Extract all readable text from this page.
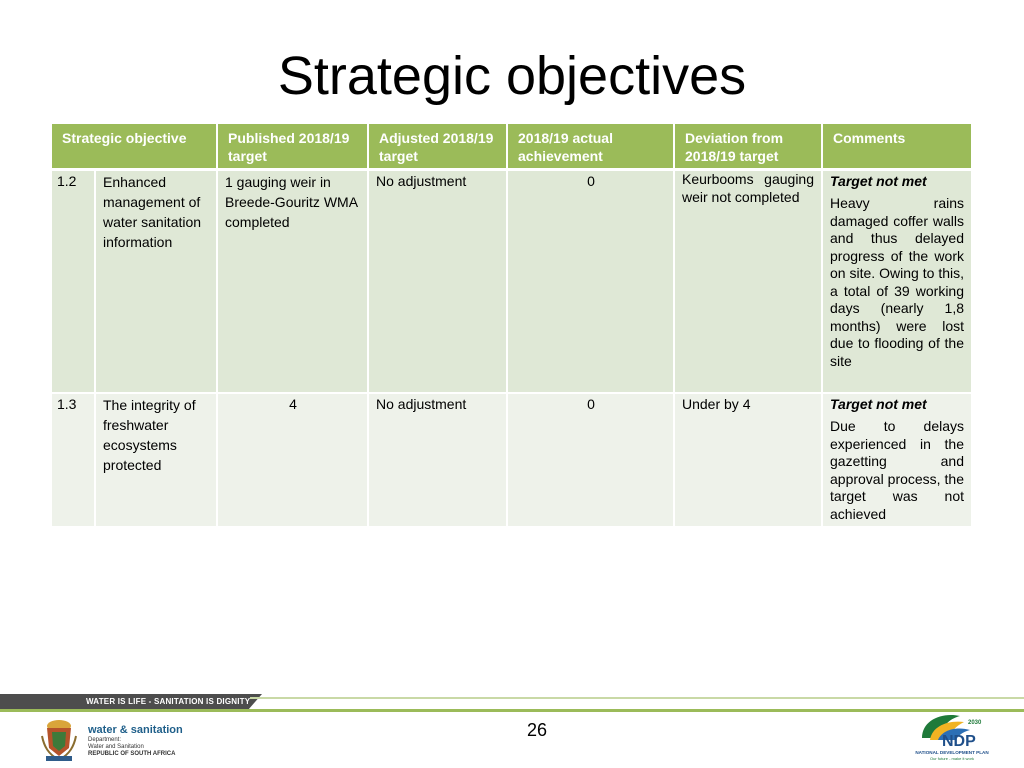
Strategic objectives
Strategic objective		Published 2018/19 target	Adjusted 2018/19 target	2018/19 actual achievement	Deviation from 2018/19 target	Comments
1.2	Enhanced management of water sanitation information	1 gauging weir in Breede-Gouritz WMA completed	No adjustment	0	Keurbooms gauging weir not completed	Target not met
Heavy rains damaged coffer walls and thus delayed progress of the work on site. Owing to this, a total of 39 working days (nearly 1,8 months) were lost due to flooding of the site

1.3	The integrity of freshwater ecosystems protected	4	No adjustment	0	Under by 4	Target not met
Due to delays experienced in the gazetting and approval process, the target was not achieved
WATER IS LIFE - SANITATION IS DIGNITY
water & sanitation
Department:
Water and Sanitation
REPUBLIC OF SOUTH AFRICA
26
NDP
2030
NATIONAL DEVELOPMENT PLAN
Our future - make it work
